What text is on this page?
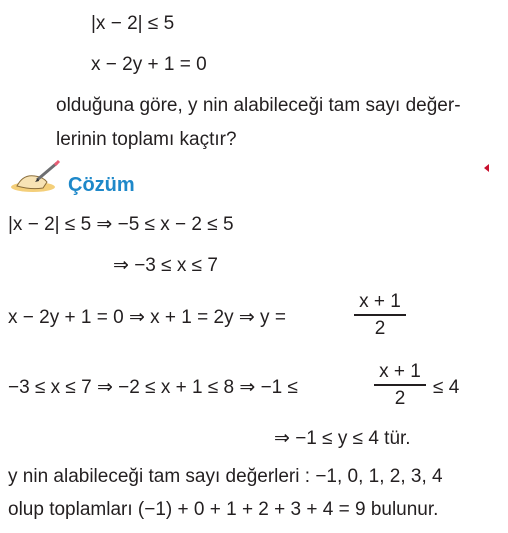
|x − 2| ≤ 5
x − 2y + 1 = 0
olduğuna göre, y nin alabileceği tam sayı değer-
lerinin toplamı kaçtır?
Çözüm
|x − 2| ≤ 5 ⇒ −5 ≤ x − 2 ≤ 5
⇒ −3 ≤ x ≤ 7
x − 2y + 1 = 0 ⇒ x + 1 = 2y ⇒ y =
x + 1
2
−3 ≤ x ≤ 7 ⇒ −2 ≤ x + 1 ≤ 8 ⇒ −1 ≤
x + 1
2	≤ 4
⇒ −1 ≤ y ≤ 4 tür.
y nin alabileceği tam sayı değerleri : −1, 0, 1, 2, 3, 4
olup toplamları (−1) + 0 + 1 + 2 + 3 + 4 = 9 bulunur.
